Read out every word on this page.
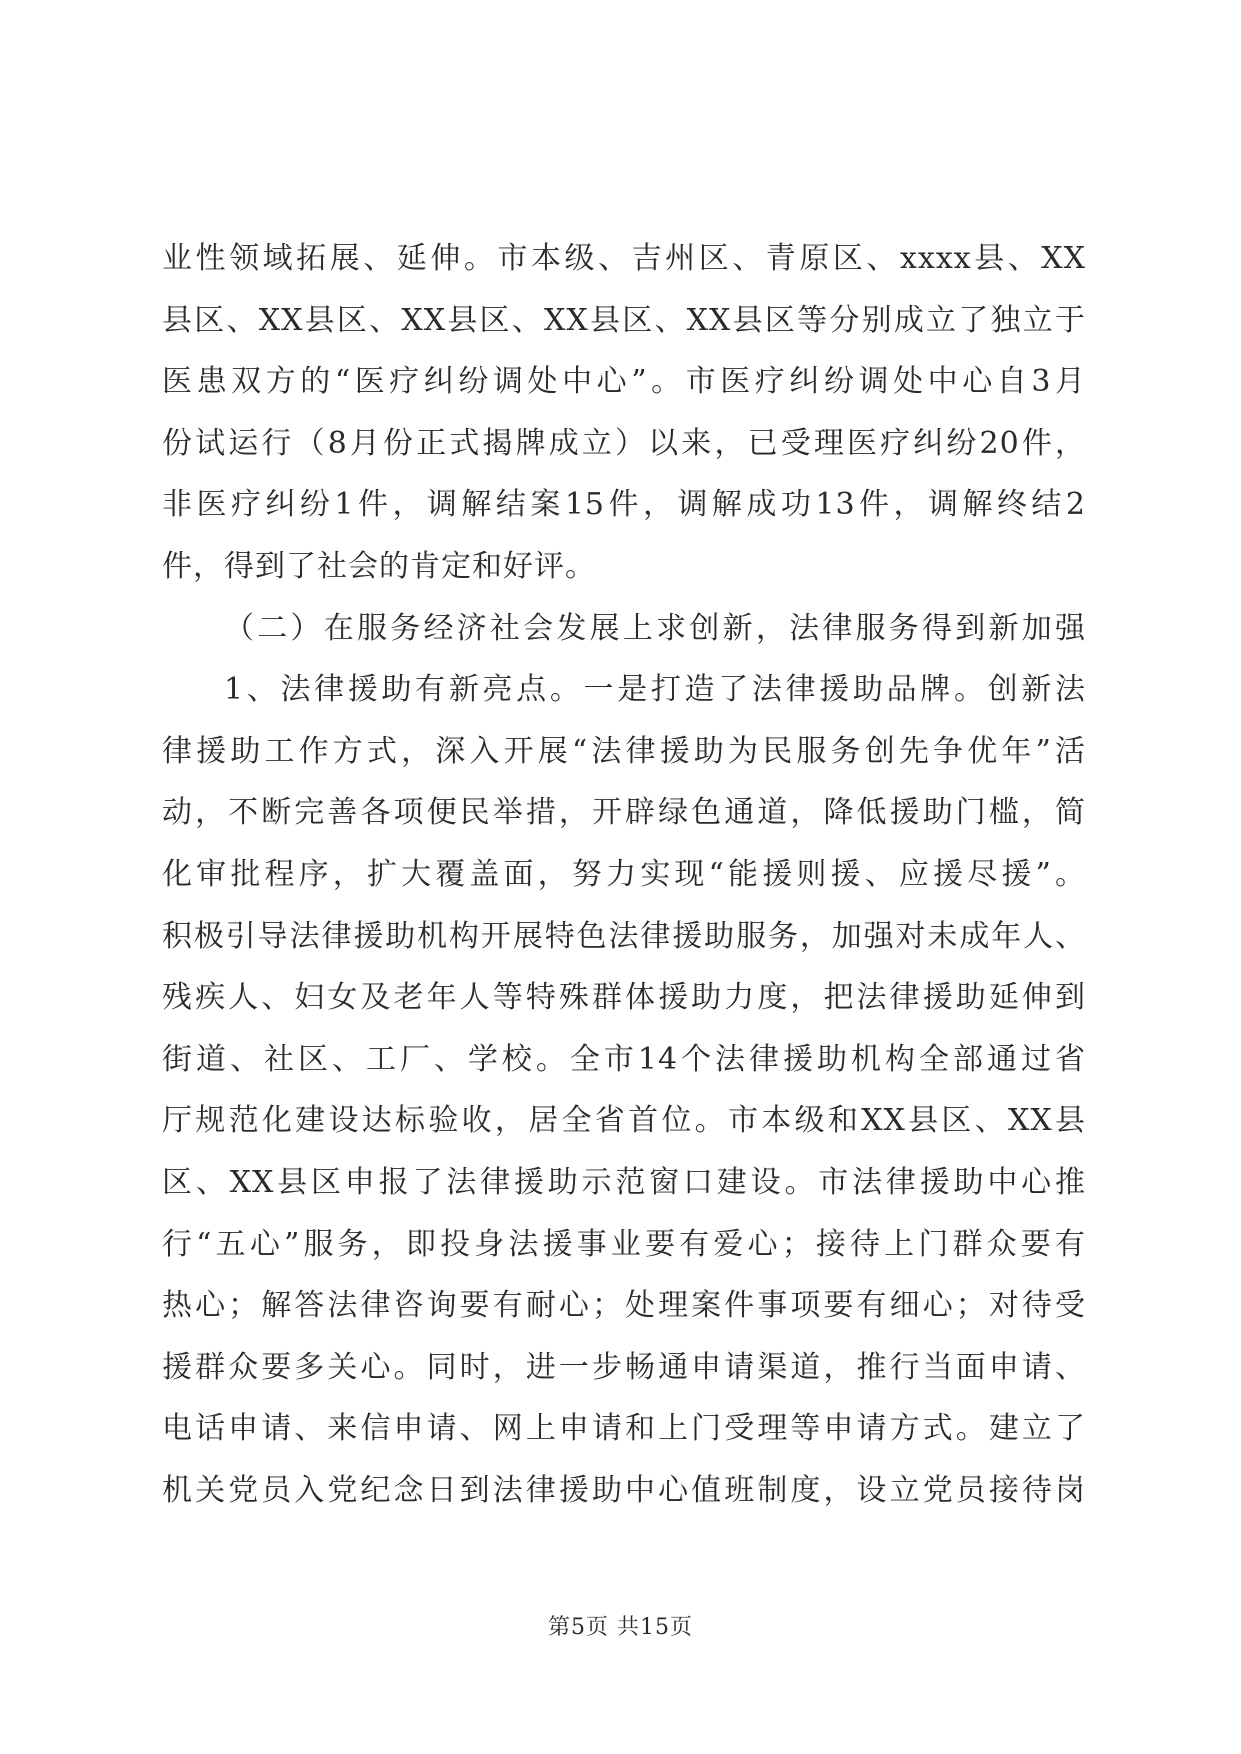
业性领域拓展、延伸。市本级、吉州区、青原区、xxxx县、XX
县区、XX县区、XX县区、XX县区、XX县区等分别成立了独立于
医患双方的“医疗纠纷调处中心”。市医疗纠纷调处中心自3月
份试运行（8月份正式揭牌成立）以来，已受理医疗纠纷20件，
非医疗纠纷1件，调解结案15件，调解成功13件，调解终结2
件，得到了社会的肯定和好评。
（二）在服务经济社会发展上求创新，法律服务得到新加强
1、法律援助有新亮点。一是打造了法律援助品牌。创新法
律援助工作方式，深入开展“法律援助为民服务创先争优年”活
动，不断完善各项便民举措，开辟绿色通道，降低援助门槛，简
化审批程序，扩大覆盖面，努力实现“能援则援、应援尽援”。
积极引导法律援助机构开展特色法律援助服务，加强对未成年人、
残疾人、妇女及老年人等特殊群体援助力度，把法律援助延伸到
街道、社区、工厂、学校。全市14个法律援助机构全部通过省
厅规范化建设达标验收，居全省首位。市本级和XX县区、XX县
区、XX县区申报了法律援助示范窗口建设。市法律援助中心推
行“五心”服务，即投身法援事业要有爱心；接待上门群众要有
热心；解答法律咨询要有耐心；处理案件事项要有细心；对待受
援群众要多关心。同时，进一步畅通申请渠道，推行当面申请、
电话申请、来信申请、网上申请和上门受理等申请方式。建立了
机关党员入党纪念日到法律援助中心值班制度，设立党员接待岗
第5页 共15页
